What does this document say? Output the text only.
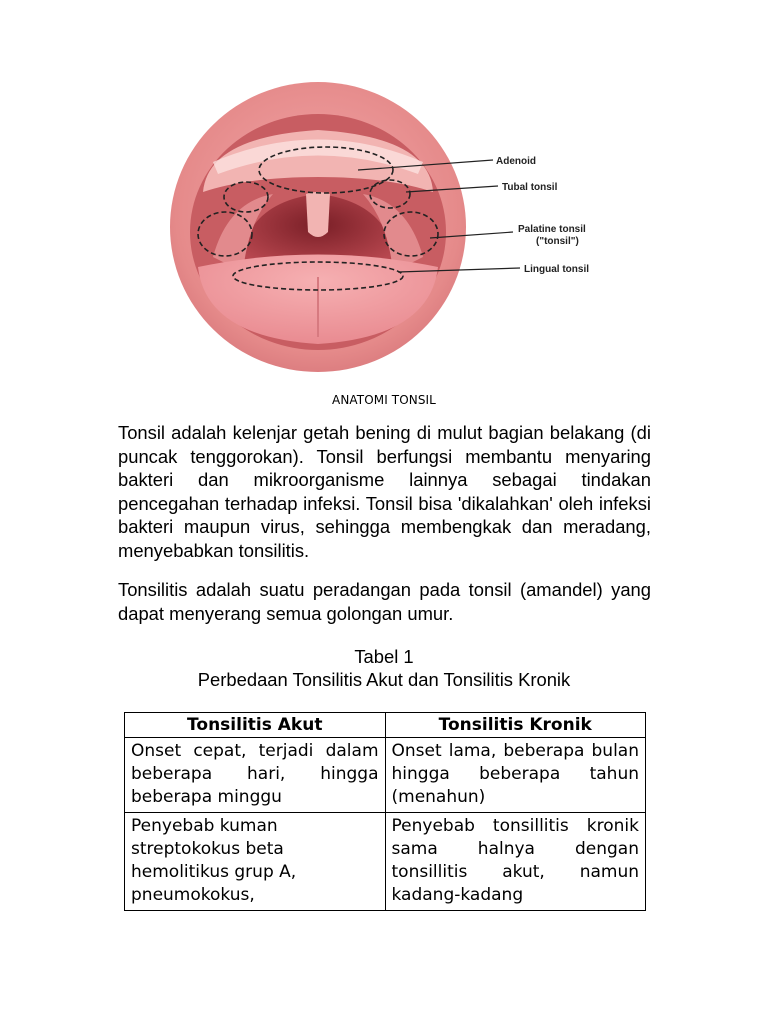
Adenoid
Tubal tonsil
Palatine tonsil
("tonsil")
Lingual tonsil
ANATOMI TONSIL

Tonsil adalah kelenjar getah bening di mulut bagian belakang (di puncak tenggorokan). Tonsil berfungsi membantu menyaring bakteri dan mikroorganisme lainnya sebagai tindakan pencegahan terhadap infeksi. Tonsil bisa 'dikalahkan' oleh infeksi bakteri maupun virus, sehingga membengkak dan meradang, menyebabkan tonsilitis.

Tonsilitis adalah suatu peradangan pada tonsil (amandel) yang dapat menyerang semua golongan umur.

Tabel 1
Perbedaan Tonsilitis Akut dan Tonsilitis Kronik
Tonsilitis Akut	Tonsilitis Kronik
Onset cepat, terjadi dalam beberapa hari, hingga beberapa minggu	Onset lama, beberapa bulan hingga beberapa tahun (menahun)
Penyebab kuman streptokokus beta hemolitikus grup A, pneumokokus,	Penyebab tonsillitis kronik sama halnya dengan tonsillitis akut, namun kadang-kadang
